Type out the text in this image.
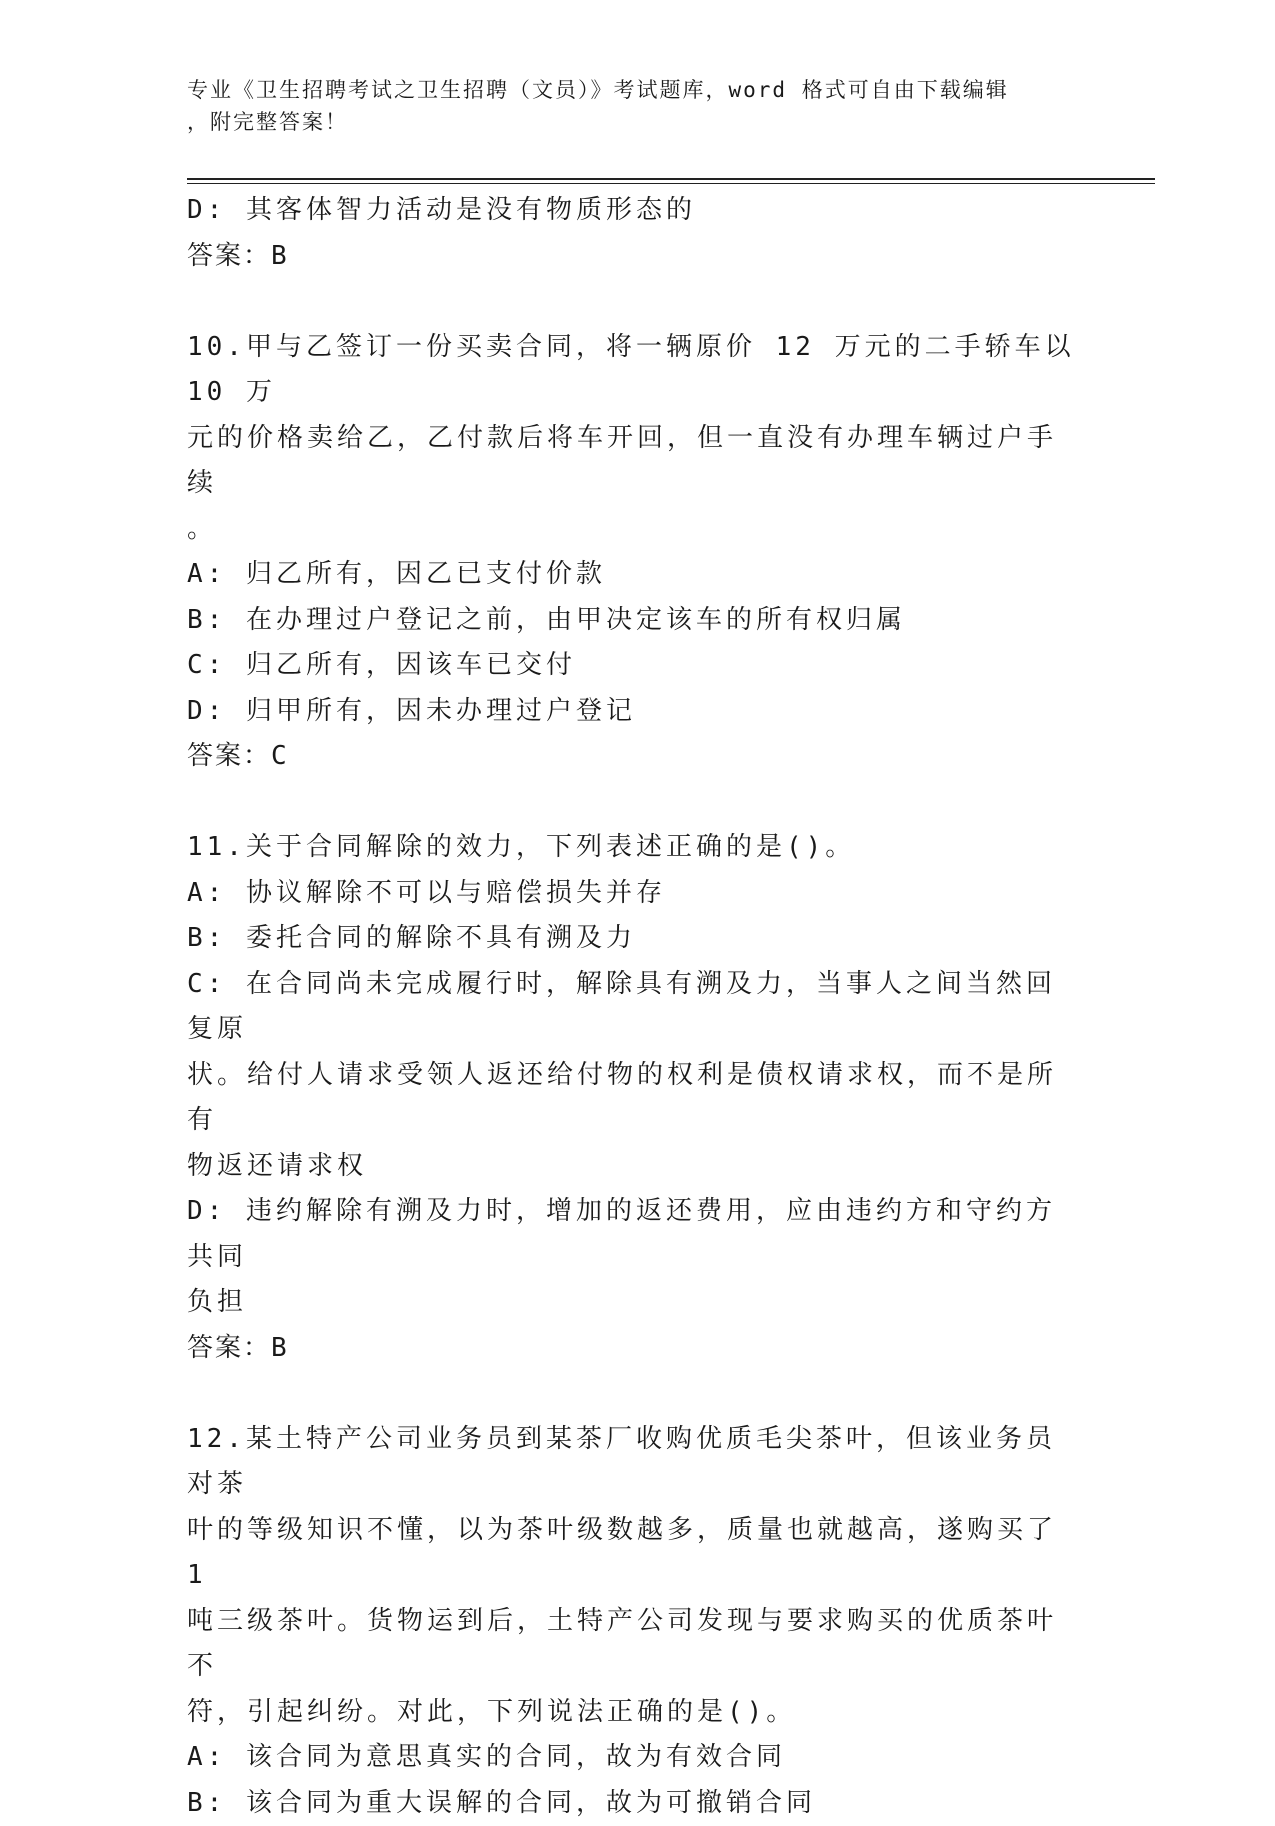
专业《卫生招聘考试之卫生招聘（文员）》考试题库，word 格式可自由下载编辑
，附完整答案！
D: 其客体智力活动是没有物质形态的
答案：B
10.甲与乙签订一份买卖合同，将一辆原价 12 万元的二手轿车以 10 万
元的价格卖给乙，乙付款后将车开回，但一直没有办理车辆过户手续
。
A: 归乙所有，因乙已支付价款
B: 在办理过户登记之前，由甲决定该车的所有权归属
C: 归乙所有，因该车已交付
D: 归甲所有，因未办理过户登记
答案：C
11.关于合同解除的效力，下列表述正确的是()。
A: 协议解除不可以与赔偿损失并存
B: 委托合同的解除不具有溯及力
C: 在合同尚未完成履行时，解除具有溯及力，当事人之间当然回复原
状。给付人请求受领人返还给付物的权利是债权请求权，而不是所有
物返还请求权
D: 违约解除有溯及力时，增加的返还费用，应由违约方和守约方共同
负担
答案：B
12.某土特产公司业务员到某茶厂收购优质毛尖茶叶，但该业务员对茶
叶的等级知识不懂，以为茶叶级数越多，质量也就越高，遂购买了 1
吨三级茶叶。货物运到后，土特产公司发现与要求购买的优质茶叶不
符，引起纠纷。对此，下列说法正确的是()。
A: 该合同为意思真实的合同，故为有效合同
B: 该合同为重大误解的合同，故为可撤销合同
